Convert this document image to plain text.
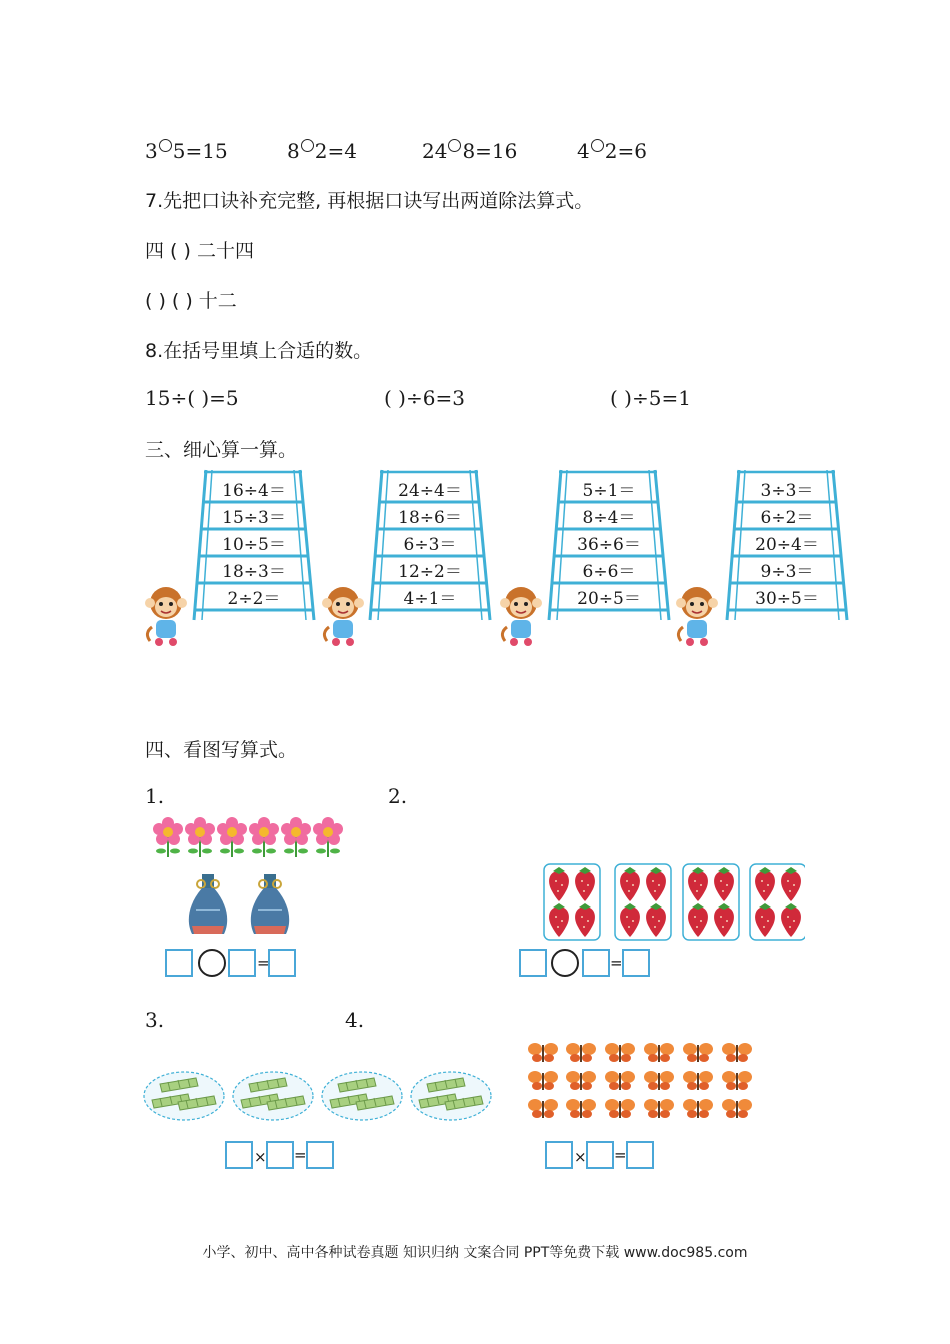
3 5=15	8 2=4	24 8=16	4 2=6
7.先把口诀补充完整, 再根据口诀写出两道除法算式。
四 ( ) 二十四
( ) ( ) 十二
8.在括号里填上合适的数。
15÷( )=5	( )÷6=3	( )÷5=1
三、细心算一算。
16÷4＝
15÷3＝
10÷5＝
18÷3＝
2÷2＝
24÷4＝
18÷6＝
6÷3＝
12÷2＝
4÷1＝
5÷1＝
8÷4＝
36÷6＝
6÷6＝
20÷5＝
3÷3＝
6÷2＝
20÷4＝
9÷3＝
30÷5＝
四、看图写算式。
1.	2.
=	=
3.	4.
× =	× =
小学、初中、高中各种试卷真题 知识归纳 文案合同 PPT等免费下载 www.doc985.com
